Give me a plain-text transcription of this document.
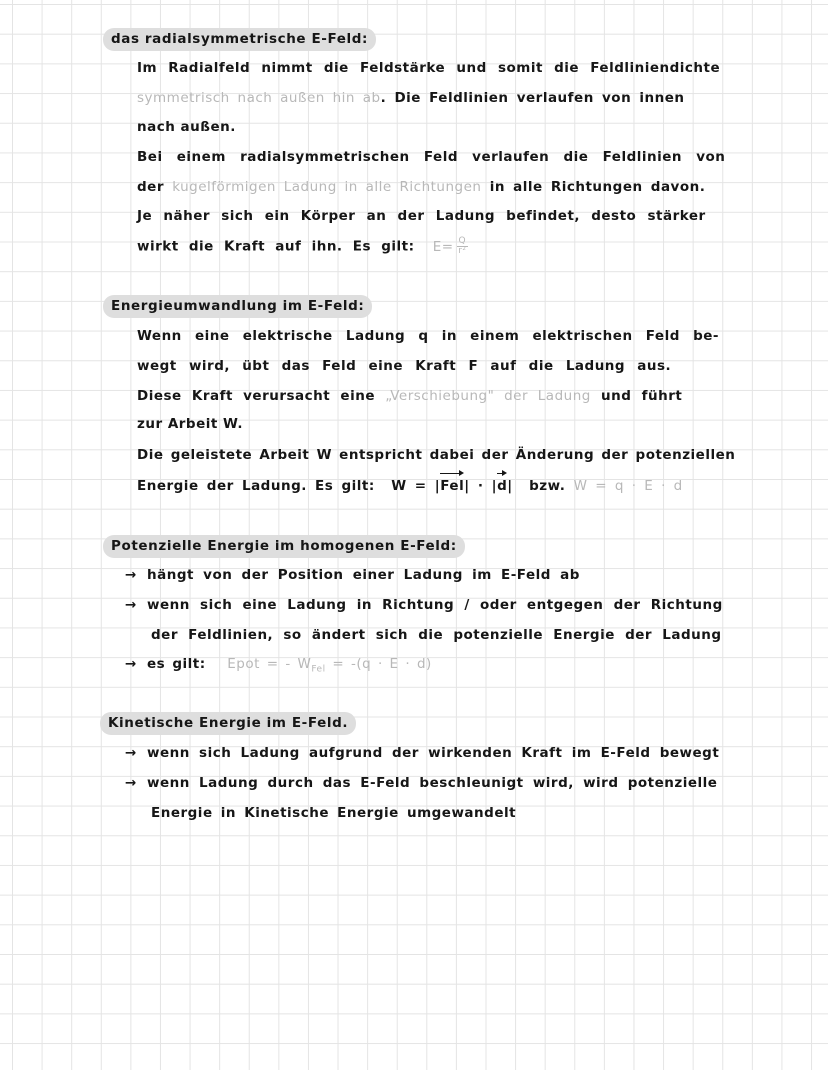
das radialsymmetrische E-Feld:
Im Radialfeld nimmt die Feldstärke und somit die Feldliniendichte
symmetrisch nach außen hin ab. Die Feldlinien verlaufen von innen
nach außen.
Bei einem radialsymmetrischen Feld verlaufen die Feldlinien von
der kugelförmigen Ladung in alle Richtungen in alle Richtungen davon.
Je näher sich ein Körper an der Ladung befindet, desto stärker
wirkt die Kraft auf ihn. Es gilt: $E= \frac{Q}{\text{r²}}$
Energieumwandlung im E-Feld:
Wenn eine elektrische Ladung q in einem elektrischen Feld be-
wegt wird, übt das Feld eine Kraft F auf die Ladung aus.
Diese Kraft verursacht eine „Verschiebung" der Ladung und führt
zur Arbeit W.
Die geleistete Arbeit W entspricht dabei der Änderung der potenziellen
Energie der Ladung. Es gilt: W = |Fel| · |d| bzw. W = q · E · d
Potenzielle Energie im homogenen E-Feld:
→ hängt von der Position einer Ladung im E-Feld ab
→ wenn sich eine Ladung in Richtung / oder entgegen der Richtung
der Feldlinien, so ändert sich die potenzielle Energie der Ladung
→ es gilt: Epot = - $W_{Fel} = -(q \cdot E \cdot d)$
Kinetische Energie im E-Feld.
→ wenn sich Ladung aufgrund der wirkenden Kraft im E-Feld bewegt
→ wenn Ladung durch das E-Feld beschleunigt wird, wird potenzielle
Energie in Kinetische Energie umgewandelt
